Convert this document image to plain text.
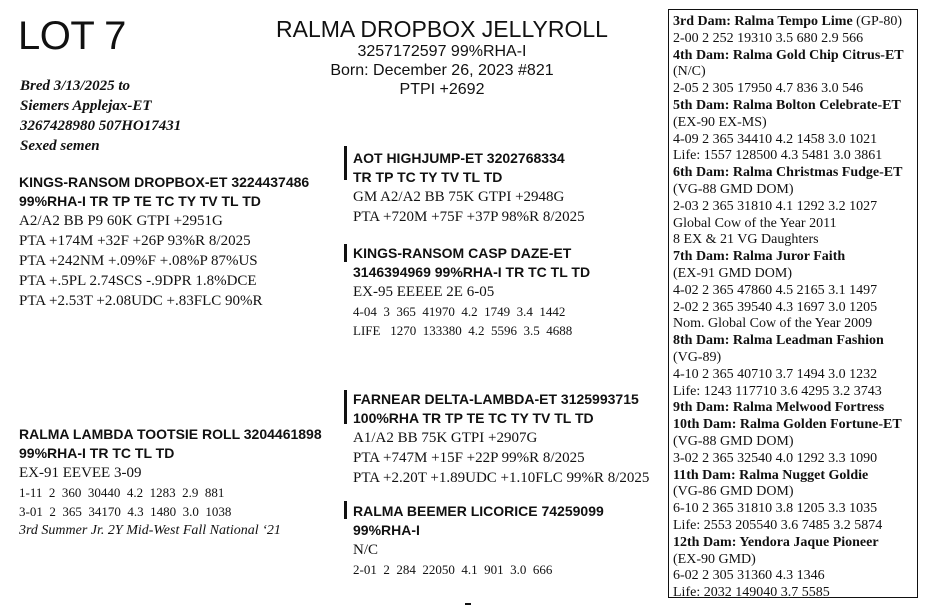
LOT 7	RALMA DROPBOX JELLYROLL
3257172597 99%RHA-I
Born: December 26, 2023 #821
PTPI +2692
Bred 3/13/2025 to
Siemers Applejax-ET
3267428980 507HO17431
Sexed semen
KINGS-RANSOM DROPBOX-ET 3224437486
99%RHA-I TR TP TE TC TY TV TL TD
A2/A2 BB P9 60K GTPI +2951G
PTA +174M +32F +26P 93%R 8/2025
PTA +242NM +.09%F +.08%P 87%US
PTA +.5PL 2.74SCS -.9DPR 1.8%DCE
PTA +2.53T +2.08UDC +.83FLC 90%R
RALMA LAMBDA TOOTSIE ROLL 3204461898
99%RHA-I TR TC TL TD
EX-91 EEVEE 3-09
1-11  2  360  30440  4.2  1283  2.9  881
3-01  2  365  34170  4.3  1480  3.0  1038
3rd Summer Jr. 2Y Mid-West Fall National ‘21
AOT HIGHJUMP-ET 3202768334
TR TP TC TY TV TL TD
GM A2/A2 BB 75K GTPI +2948G
PTA +720M +75F +37P 98%R 8/2025
KINGS-RANSOM CASP DAZE-ET
3146394969 99%RHA-I TR TC TL TD
EX-95 EEEEE 2E 6-05
4-04  3  365  41970  4.2  1749  3.4  1442
LIFE   1270  133380  4.2  5596  3.5  4688
FARNEAR DELTA-LAMBDA-ET 3125993715
100%RHA TR TP TE TC TY TV TL TD
A1/A2 BB 75K GTPI +2907G
PTA +747M +15F +22P 99%R 8/2025
PTA +2.20T +1.89UDC +1.10FLC 99%R 8/2025
RALMA BEEMER LICORICE 74259099
99%RHA-I
N/C
2-01  2  284  22050  4.1  901  3.0  666
3rd Dam: Ralma Tempo Lime (GP-80)
2-00 2 252 19310 3.5 680 2.9 566
4th Dam: Ralma Gold Chip Citrus-ET
(N/C)
2-05 2 305 17950 4.7 836 3.0 546
5th Dam: Ralma Bolton Celebrate-ET
(EX-90 EX-MS)
4-09 2 365 34410 4.2 1458 3.0 1021
Life: 1557 128500 4.3 5481 3.0 3861
6th Dam: Ralma Christmas Fudge-ET
(VG-88 GMD DOM)
2-03 2 365 31810 4.1 1292 3.2 1027
Global Cow of the Year 2011
8 EX & 21 VG Daughters
7th Dam: Ralma Juror Faith
(EX-91 GMD DOM)
4-02 2 365 47860 4.5 2165 3.1 1497
2-02 2 365 39540 4.3 1697 3.0 1205
Nom. Global Cow of the Year 2009
8th Dam: Ralma Leadman Fashion
(VG-89)
4-10 2 365 40710 3.7 1494 3.0 1232
Life: 1243 117710 3.6 4295 3.2 3743
9th Dam: Ralma Melwood Fortress
10th Dam: Ralma Golden Fortune-ET
(VG-88 GMD DOM)
3-02 2 365 32540 4.0 1292 3.3 1090
11th Dam: Ralma Nugget Goldie
(VG-86 GMD DOM)
6-10 2 365 31810 3.8 1205 3.3 1035
Life: 2553 205540 3.6 7485 3.2 5874
12th Dam: Yendora Jaque Pioneer
(EX-90 GMD)
6-02 2 305 31360 4.3 1346
Life: 2032 149040 3.7 5585
